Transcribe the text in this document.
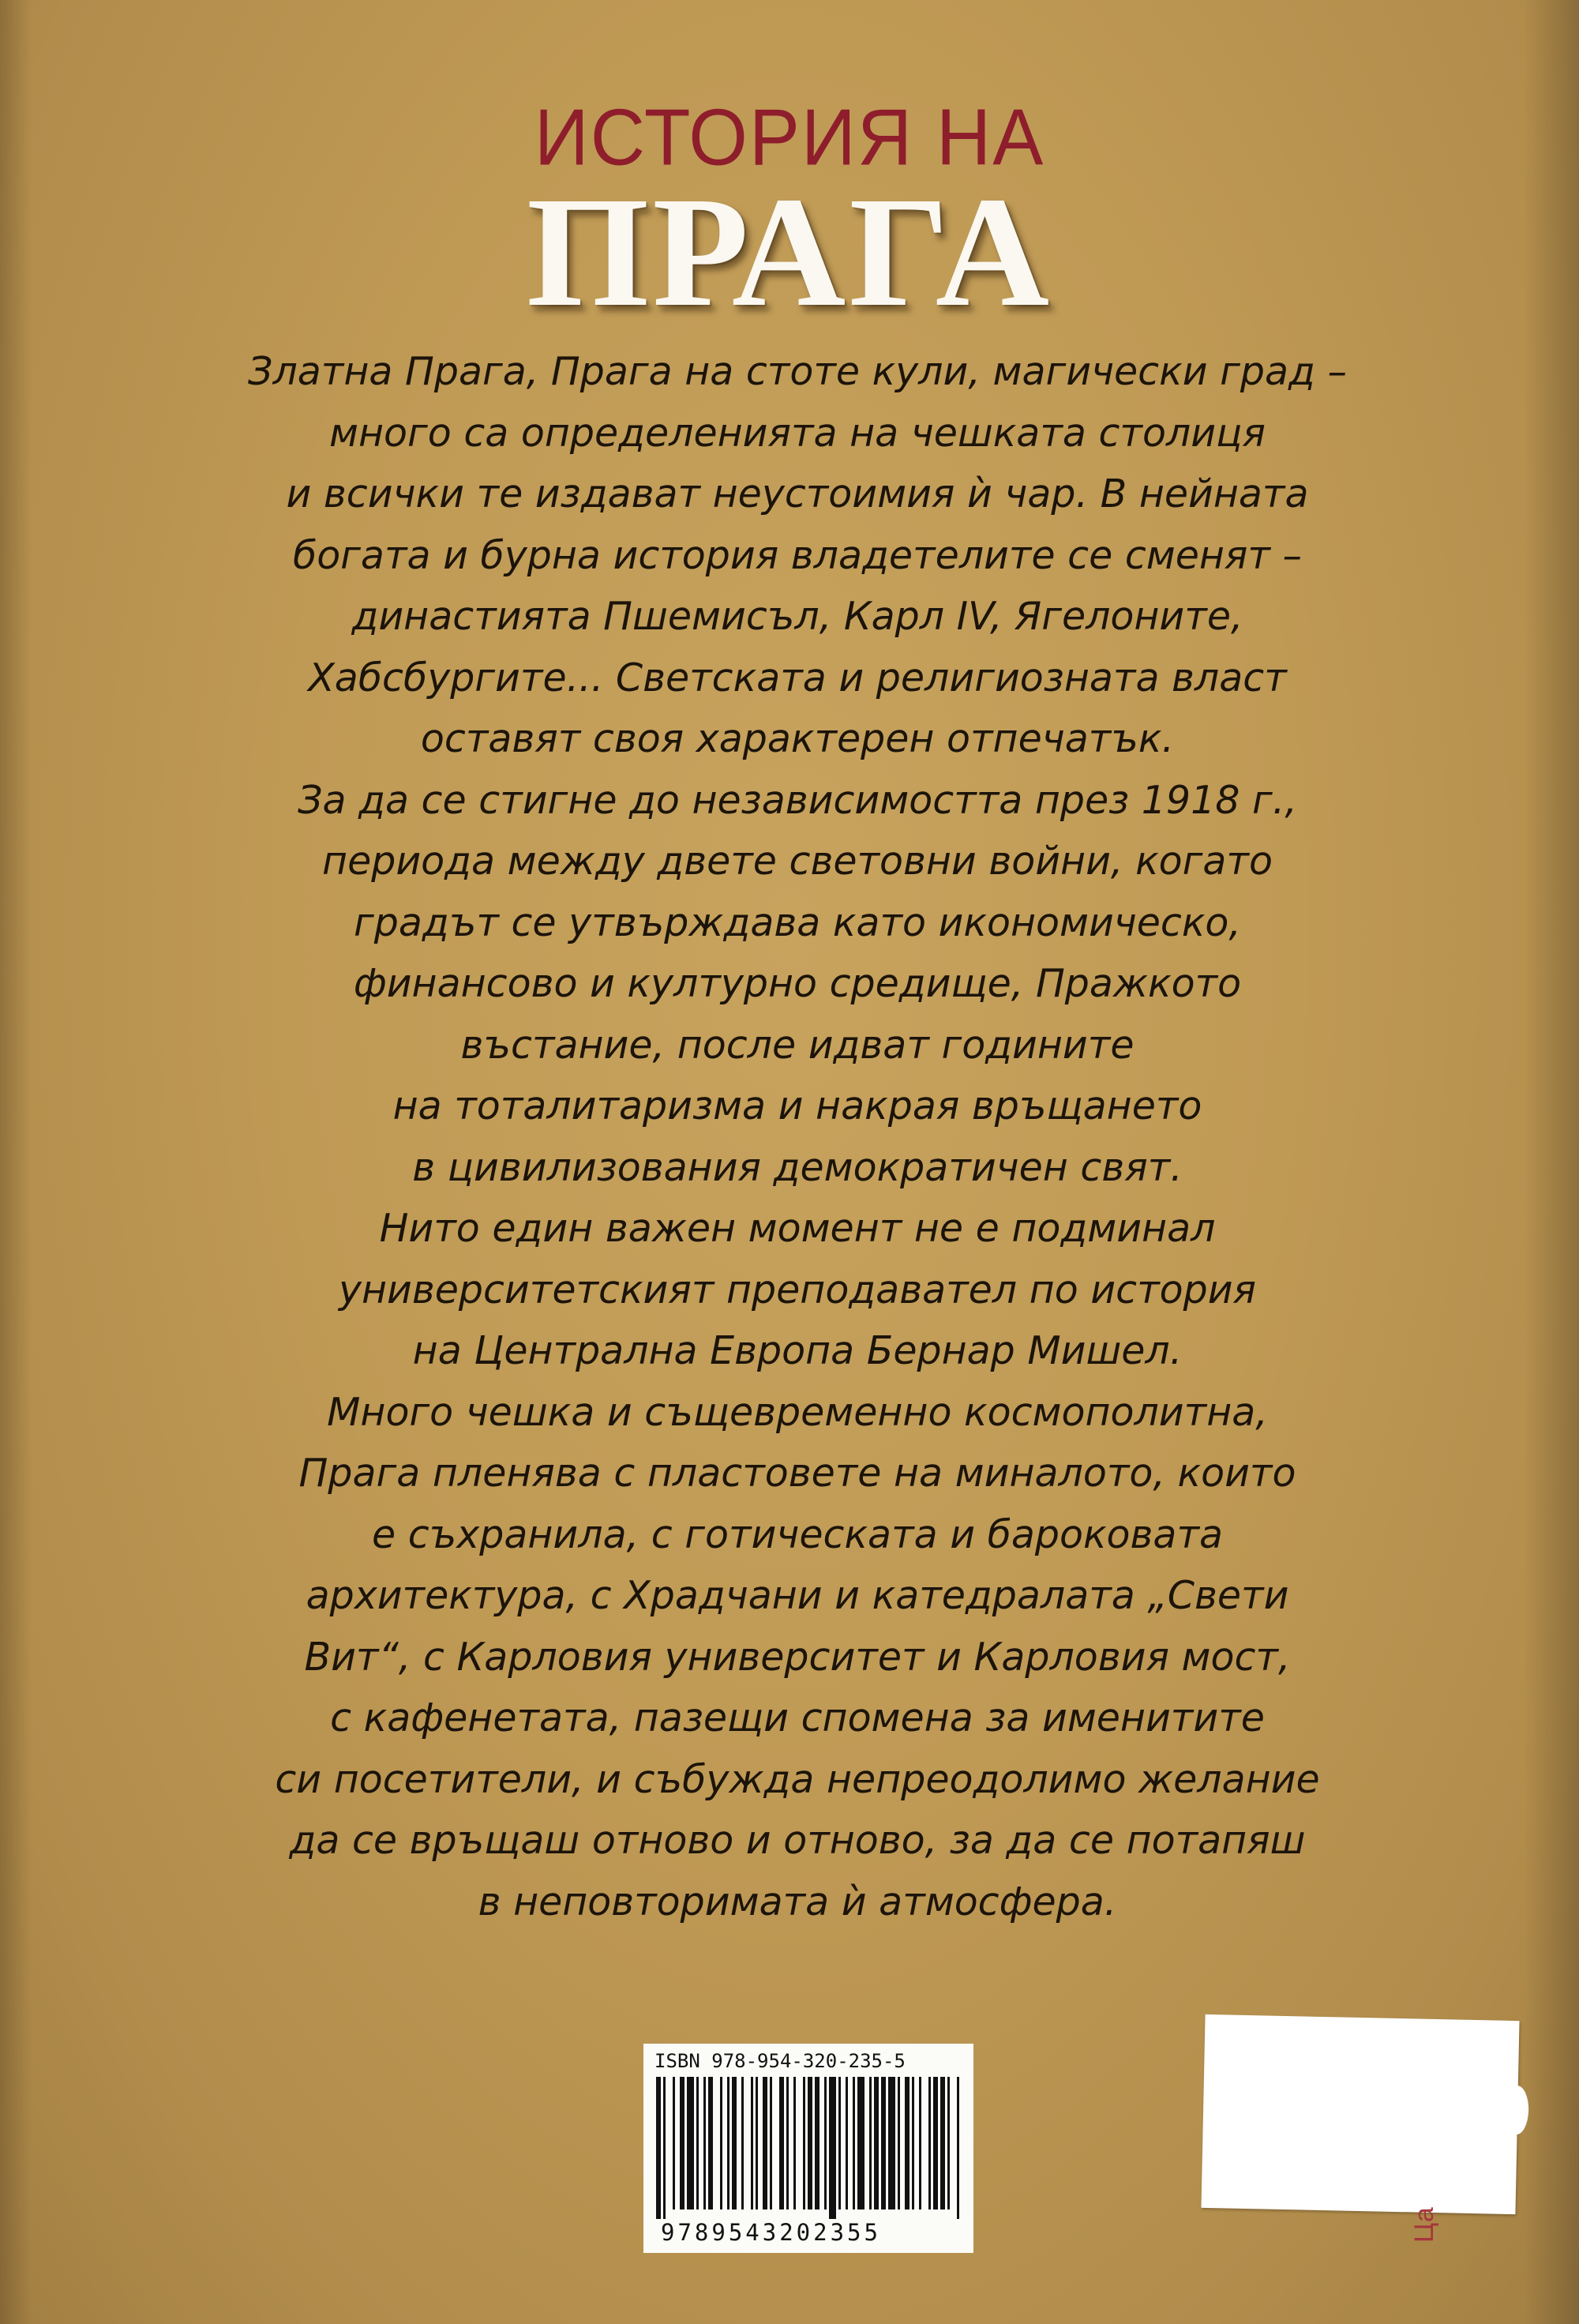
ИСТОРИЯ НА
ПРАГА
Златна Прага, Прага на стоте кули, магически град –
много са определенията на чешката столиця
и всички те издават неустоимия ѝ чар. В нейната
богата и бурна история владетелите се сменят –
династията Пшемисъл, Карл IV, Ягелоните,
Хабсбургите... Светската и религиозната власт
оставят своя характерен отпечатък.
За да се стигне до независимостта през 1918 г.,
периода между двете световни войни, когато
градът се утвърждава като икономическо,
финансово и културно средище, Пражкото
въстание, после идват годините
на тоталитаризма и накрая връщането
в цивилизования демократичен свят.
Нито един важен момент не е подминал
университетският преподавател по история
на Централна Европа Бернар Мишел.
Много чешка и същевременно космополитна,
Прага пленява с пластовете на миналото, които
е съхранила, с готическата и бароковата
архитектура, с Храдчани и катедралата „Свети
Вит“, с Карловия университет и Карловия мост,
с кафенетата, пазещи спомена за именитите
си посетители, и събужда непреодолимо желание
да се връщаш отново и отново, за да се потапяш
в неповторимата ѝ атмосфера.
ISBN 978-954-320-235-5
9789543202355	Ца
